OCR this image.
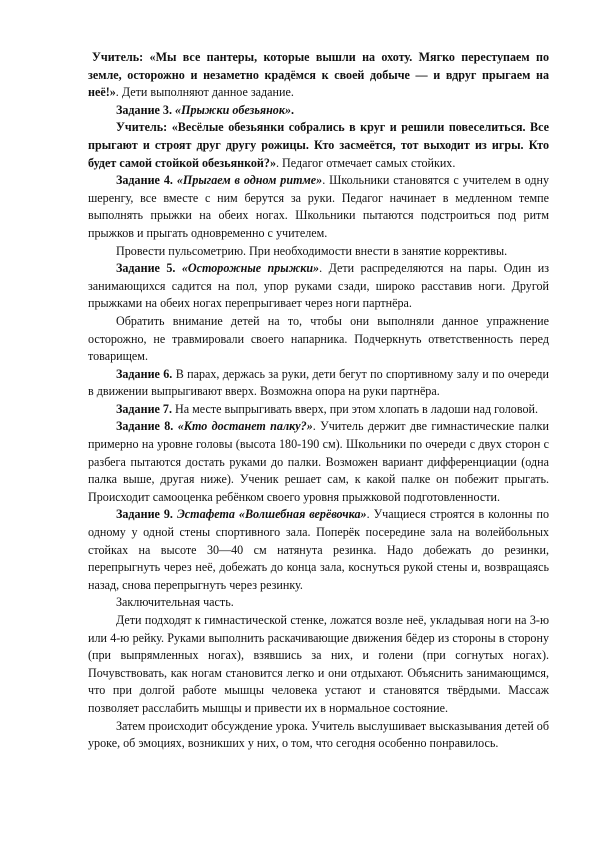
Учитель: «Мы все пантеры, которые вышли на охоту. Мягко переступаем по земле, осторожно и незаметно крадёмся к своей добыче — и вдруг прыгаем на неё!». Дети выполняют данное задание.

Задание 3. «Прыжки обезьянок».

Учитель: «Весёлые обезьянки собрались в круг и решили повеселиться. Все прыгают и строят друг другу рожицы. Кто засмеётся, тот выходит из игры. Кто будет самой стойкой обезьянкой?». Педагог отмечает самых стойких.

Задание 4. «Прыгаем в одном ритме». Школьники становятся с учителем в одну шеренгу, все вместе с ним берутся за руки. Педагог начинает в медленном темпе выполнять прыжки на обеих ногах. Школьники пытаются подстроиться под ритм прыжков и прыгать одновременно с учителем.

Провести пульсометрию. При необходимости внести в занятие коррективы.

Задание 5. «Осторожные прыжки». Дети распределяются на пары. Один из занимающихся садится на пол, упор руками сзади, широко расставив ноги. Другой прыжками на обеих ногах перепрыгивает через ноги партнёра.

Обратить внимание детей на то, чтобы они выполняли данное упражнение осторожно, не травмировали своего напарника. Подчеркнуть ответственность перед товарищем.

Задание 6. В парах, держась за руки, дети бегут по спортивному залу и по очереди в движении выпрыгивают вверх. Возможна опора на руки партнёра.

Задание 7. На месте выпрыгивать вверх, при этом хлопать в ладоши над головой.

Задание 8. «Кто достанет палку?». Учитель держит две гимнастические палки примерно на уровне головы (высота 180-190 см). Школьники по очереди с двух сторон с разбега пытаются достать руками до палки. Возможен вариант дифференциации (одна палка выше, другая ниже). Ученик решает сам, к какой палке он побежит прыгать. Происходит самооценка ребёнком своего уровня прыжковой подготовленности.

Задание 9. Эстафета «Волшебная верёвочка». Учащиеся строятся в колонны по одному у одной стены спортивного зала. Поперёк посередине зала на волейбольных стойках на высоте 30—40 см натянута резинка. Надо добежать до резинки, перепрыгнуть через неё, добежать до конца зала, коснуться рукой стены и, возвращаясь назад, снова перепрыгнуть через резинку.

Заключительная часть.

Дети подходят к гимнастической стенке, ложатся возле неё, укладывая ноги на 3-ю или 4-ю рейку. Руками выполнить раскачивающие движения бёдер из стороны в сторону (при выпрямленных ногах), взявшись за них, и голени (при согнутых ногах). Почувствовать, как ногам становится легко и они отдыхают. Объяснить занимающимся, что при долгой работе мышцы человека устают и становятся твёрдыми. Массаж позволяет расслабить мышцы и привести их в нормальное состояние.

Затем происходит обсуждение урока. Учитель выслушивает высказывания детей об уроке, об эмоциях, возникших у них, о том, что сегодня особенно понравилось.
